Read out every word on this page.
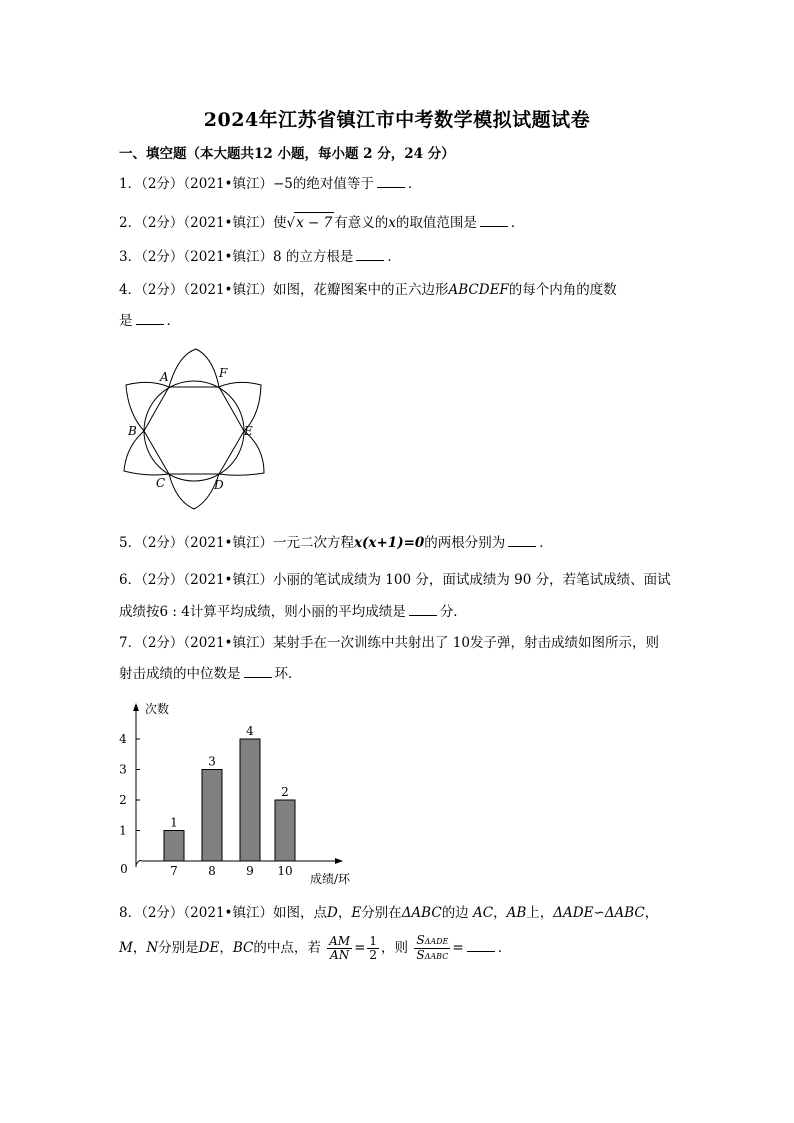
2024年江苏省镇江市中考数学模拟试题试卷
一、填空题（本大题共12 小题，每小题 2 分，24 分）
1．（2分）（2021•镇江）−5的绝对值等于	．
2．（2分）（2021•镇江）使√x − 7 有意义的x的取值范围是	．
3．（2分）（2021•镇江）8 的立方根是	．
4．（2分）（2021•镇江）如图，花瓣图案中的正六边形ABCDEF的每个内角的度数
是	．
A	F
B	E
C	D
5．（2分）（2021•镇江）一元二次方程x(x+1)=0的两根分别为	．
6．（2分）（2021•镇江）小丽的笔试成绩为 100 分，面试成绩为 90 分，若笔试成绩、面试
成绩按6 : 4计算平均成绩，则小丽的平均成绩是	分．
7．（2分）（2021•镇江）某射手在一次训练中共射出了 10发子弹，射击成绩如图所示，则
射击成绩的中位数是	环．
0
1
2
3
4
次数
成绩/环
1
7
3
8
4
9
2
10
8．（2分）（2021•镇江）如图，点D，E分别在ΔABC的边 AC，AB上，ΔADE∽ΔABC，
M，N分别是DE，BC的中点，若 $\frac{AM}{AN} = \frac{1}{2}$ ，则 $\frac{\text{SΔADE}}{\text{SΔABC}}$ =	．
